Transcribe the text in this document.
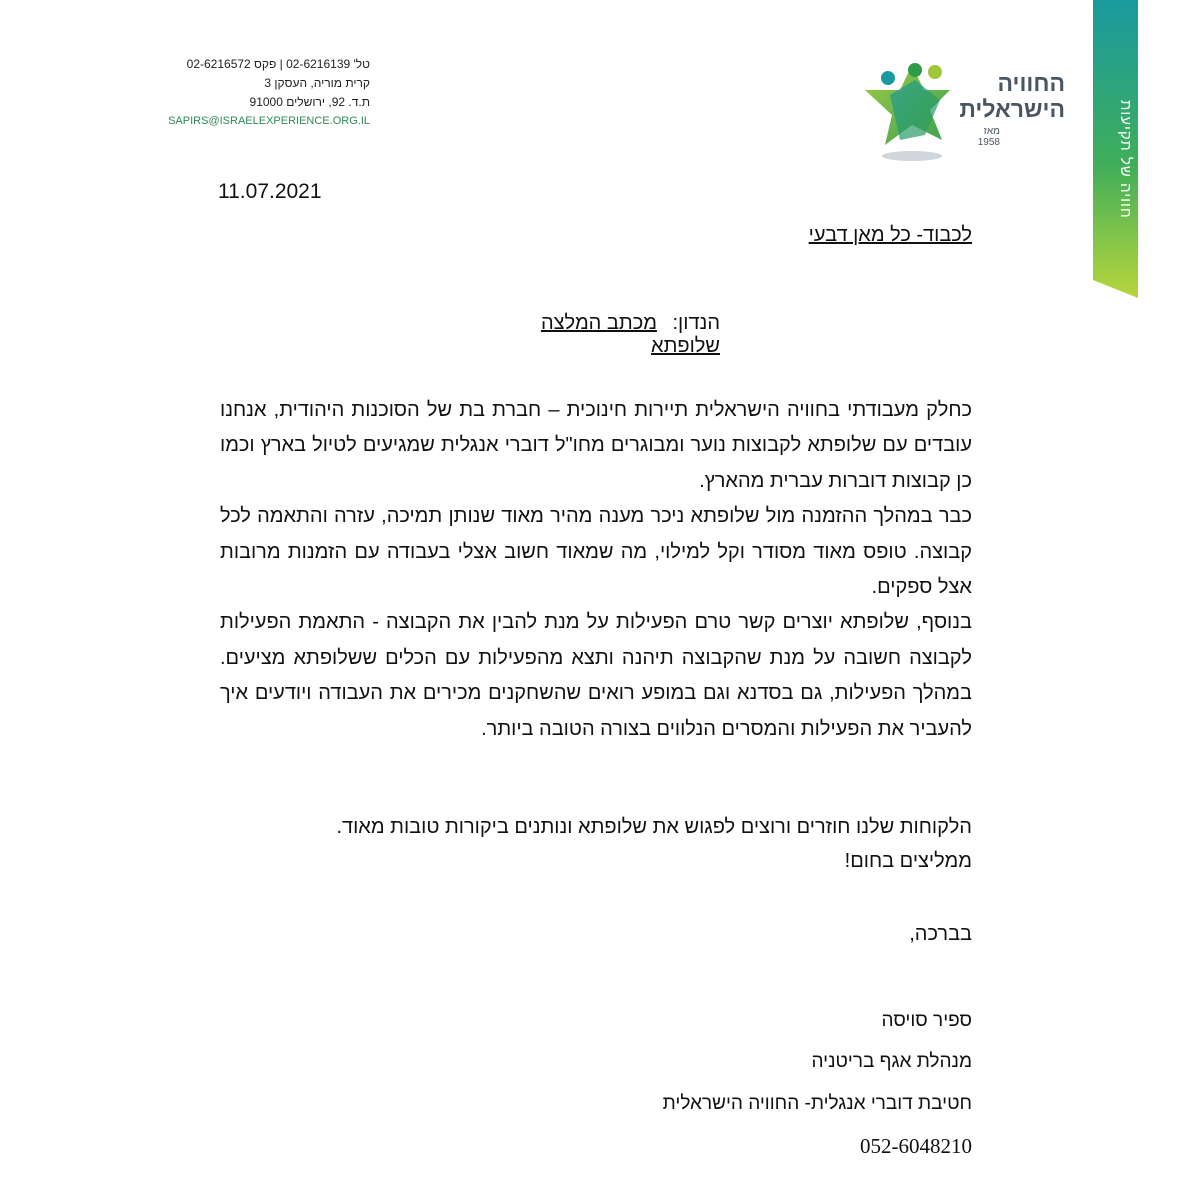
טל' 02-6216139 | פקס 02-6216572
קרית מוריה, העסקן 3
ת.ד. 92, ירושלים 91000
SAPIRS@ISRAELEXPERIENCE.ORG.IL
11.07.2021
החוויה
הישראלית
מאז 1958	חוויה של תקיעות
לכבוד- כל מאן דבעי
הנדון: מכתב המלצה שלופתא

כחלק מעבודתי בחוויה הישראלית תיירות חינוכית – חברת בת של הסוכנות היהודית, אנחנו עובדים עם שלופתא לקבוצות נוער ומבוגרים מחו"ל דוברי אנגלית שמגיעים לטיול בארץ וכמו כן קבוצות דוברות עברית מהארץ.

כבר במהלך ההזמנה מול שלופתא ניכר מענה מהיר מאוד שנותן תמיכה, עזרה והתאמה לכל קבוצה. טופס מאוד מסודר וקל למילוי, מה שמאוד חשוב אצלי בעבודה עם הזמנות מרובות אצל ספקים.

בנוסף, שלופתא יוצרים קשר טרם הפעילות על מנת להבין את הקבוצה - התאמת הפעילות לקבוצה חשובה על מנת שהקבוצה תיהנה ותצא מהפעילות עם הכלים ששלופתא מציעים. במהלך הפעילות, גם בסדנא וגם במופע רואים שהשחקנים מכירים את העבודה ויודעים איך להעביר את הפעילות והמסרים הנלווים בצורה הטובה ביותר.

הלקוחות שלנו חוזרים ורוצים לפגוש את שלופתא ונותנים ביקורות טובות מאוד.

ממליצים בחום!

בברכה,
ספיר סויסה
מנהלת אגף בריטניה
חטיבת דוברי אנגלית- החוויה הישראלית
052-6048210
